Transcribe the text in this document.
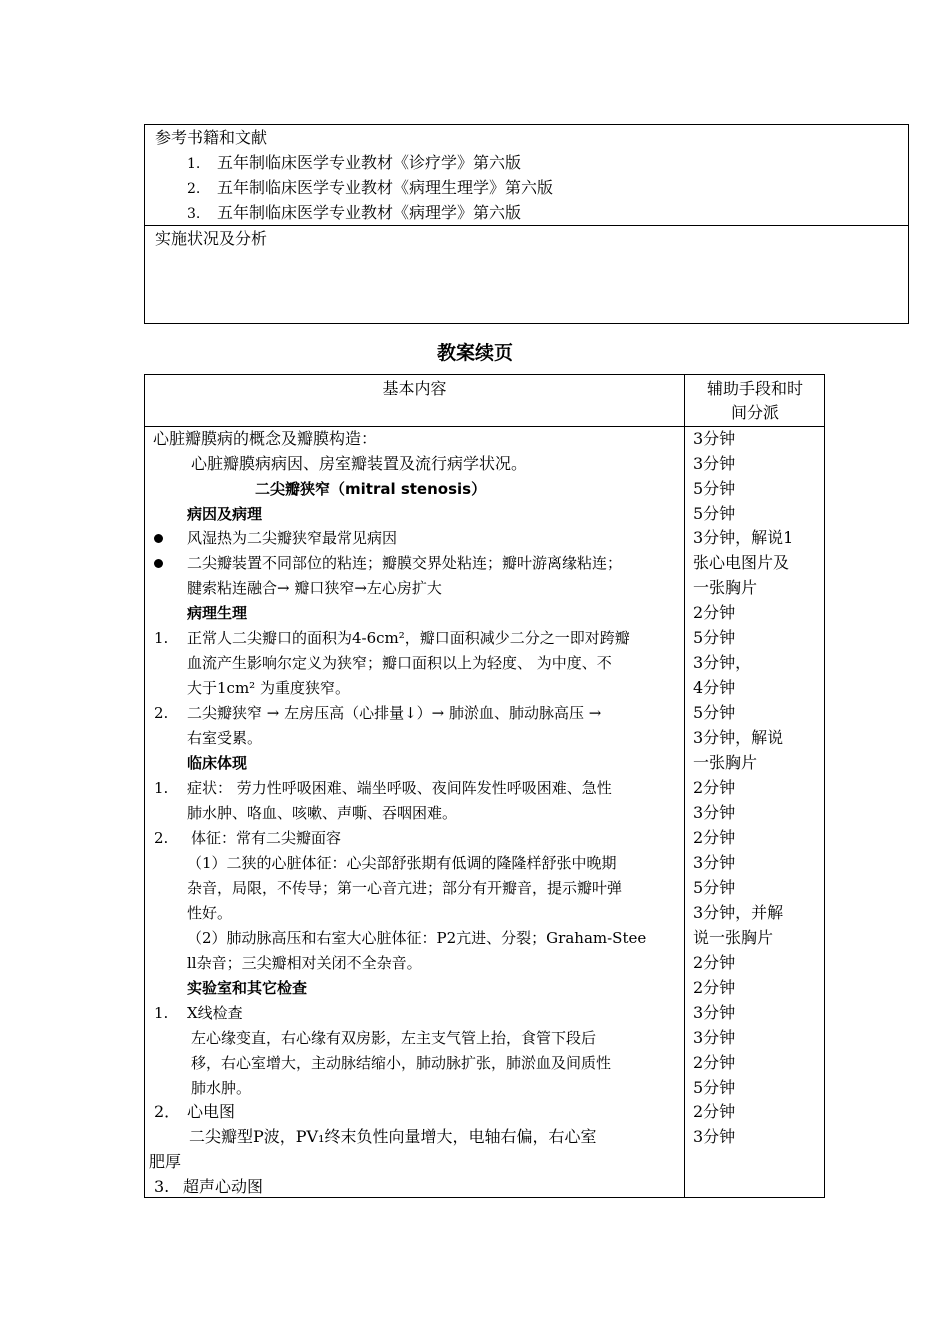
参考书籍和文献
1. 五年制临床医学专业教材《诊疗学》第六版
2. 五年制临床医学专业教材《病理生理学》第六版
3. 五年制临床医学专业教材《病理学》第六版
实施状况及分析
教案续页
基本内容	辅助手段和时
间分派
心脏瓣膜病的概念及瓣膜构造：
心脏瓣膜病病因、房室瓣装置及流行病学状况。
二尖瓣狭窄（mitral stenosis）
病因及病理
风湿热为二尖瓣狭窄最常见病因
二尖瓣装置不同部位的粘连；瓣膜交界处粘连；瓣叶游离缘粘连；
腱索粘连融合→ 瓣口狭窄→左心房扩大
病理生理
1. 正常人二尖瓣口的面积为4-6cm²，瓣口面积减少二分之一即对跨瓣
血流产生影响尔定义为狭窄；瓣口面积以上为轻度、 为中度、不
大于1cm² 为重度狭窄。
2. 二尖瓣狭窄 → 左房压高（心排量↓）→ 肺淤血、肺动脉高压 →
右室受累。
临床体现
1. 症状： 劳力性呼吸困难、端坐呼吸、夜间阵发性呼吸困难、急性
肺水肿、咯血、咳嗽、声嘶、吞咽困难。
2. 体征：常有二尖瓣面容
（1）二狭的心脏体征：心尖部舒张期有低调的隆隆样舒张中晚期
杂音，局限，不传导；第一心音亢进；部分有开瓣音，提示瓣叶弹
性好。
（2）肺动脉高压和右室大心脏体征：P2亢进、分裂；Graham-Stee
ll杂音；三尖瓣相对关闭不全杂音。
实验室和其它检查
1. X线检查
左心缘变直，右心缘有双房影，左主支气管上抬，食管下段后
移，右心室增大，主动脉结缩小，肺动脉扩张，肺淤血及间质性
肺水肿。
2． 心电图
二尖瓣型P波，PV₁终末负性向量增大，电轴右偏，右心室
肥厚
3. 超声心动图
3分钟
3分钟
5分钟
5分钟
3分钟，解说1
张心电图片及
一张胸片
2分钟
5分钟
3分钟，
4分钟
5分钟
3分钟，解说
一张胸片
2分钟
3分钟
2分钟
3分钟
5分钟
3分钟，并解
说一张胸片
2分钟
2分钟
3分钟
3分钟
2分钟
5分钟
2分钟
3分钟
